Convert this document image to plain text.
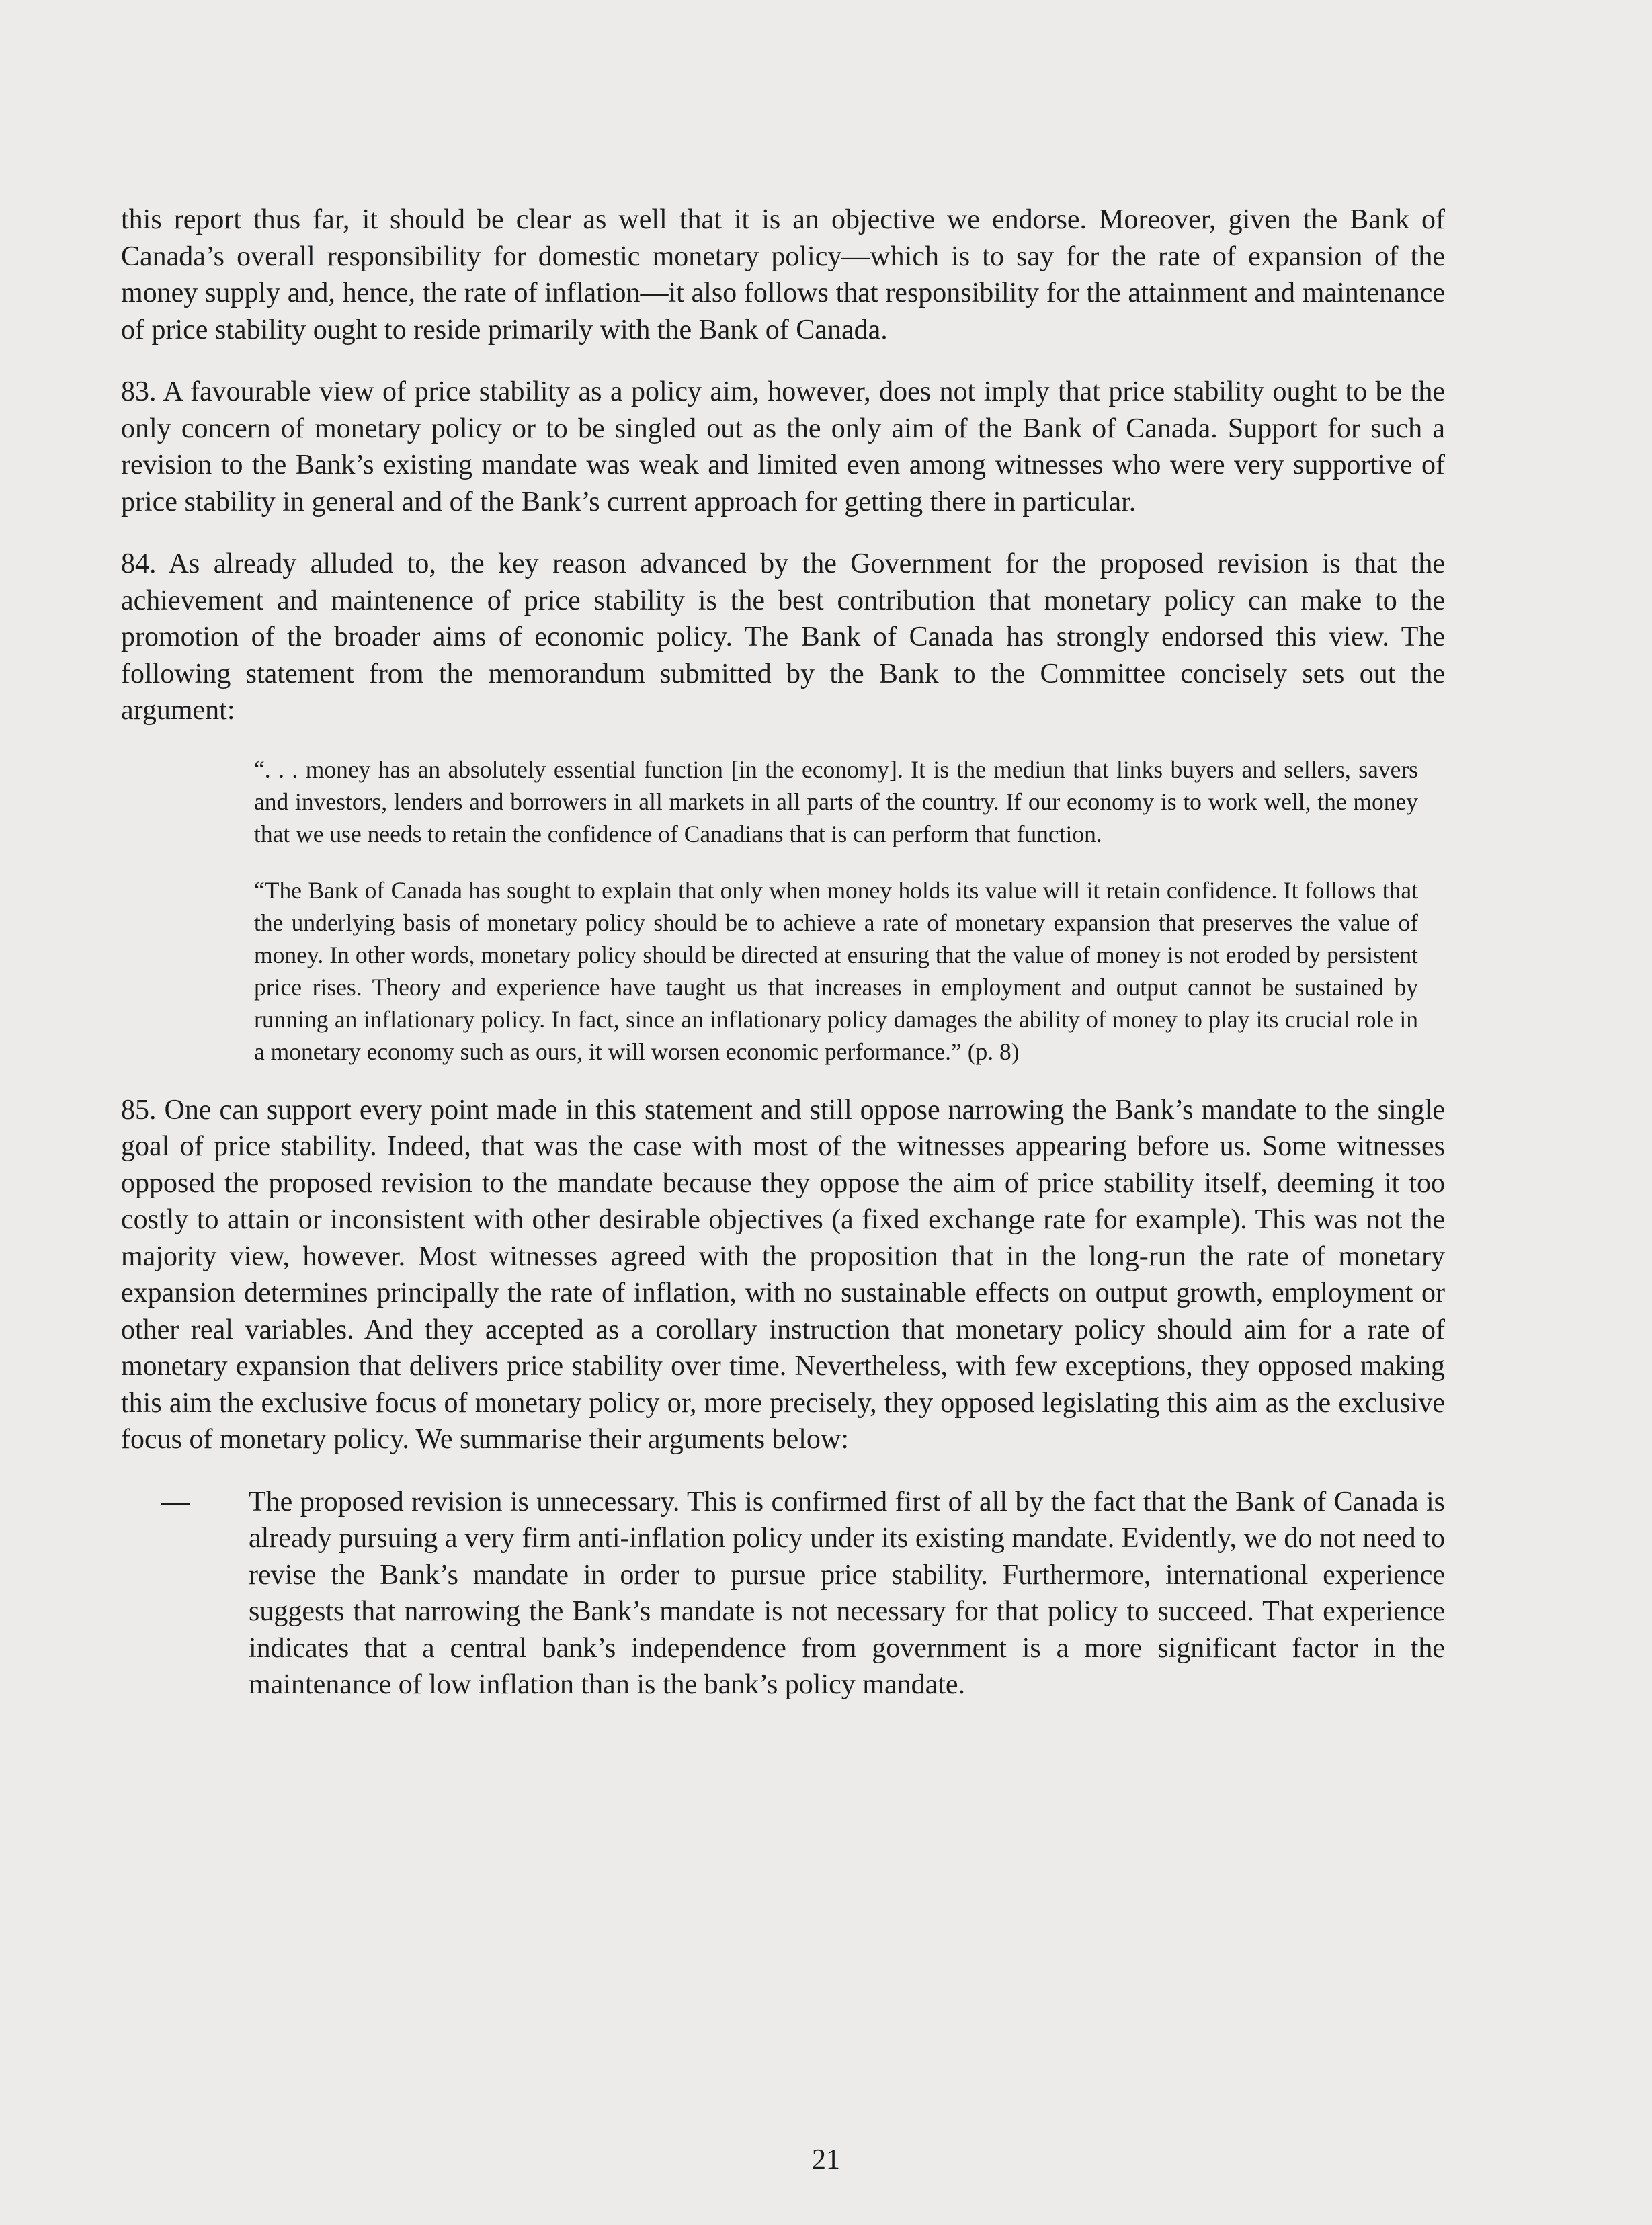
this report thus far, it should be clear as well that it is an objective we endorse. Moreover, given the Bank of Canada’s overall responsibility for domestic monetary policy—which is to say for the rate of expansion of the money supply and, hence, the rate of inflation—it also follows that responsibility for the attainment and maintenance of price stability ought to reside primarily with the Bank of Canada.

83. A favourable view of price stability as a policy aim, however, does not imply that price stability ought to be the only concern of monetary policy or to be singled out as the only aim of the Bank of Canada. Support for such a revision to the Bank’s existing mandate was weak and limited even among witnesses who were very supportive of price stability in general and of the Bank’s current approach for getting there in particular.

84. As already alluded to, the key reason advanced by the Government for the proposed revision is that the achievement and maintenence of price stability is the best contribution that monetary policy can make to the promotion of the broader aims of economic policy. The Bank of Canada has strongly endorsed this view. The following statement from the memorandum submitted by the Bank to the Committee concisely sets out the argument:

“. . . money has an absolutely essential function [in the economy]. It is the mediun that links buyers and sellers, savers and investors, lenders and borrowers in all markets in all parts of the country. If our economy is to work well, the money that we use needs to retain the confidence of Canadians that is can perform that function.

“The Bank of Canada has sought to explain that only when money holds its value will it retain confidence. It follows that the underlying basis of monetary policy should be to achieve a rate of monetary expansion that preserves the value of money. In other words, monetary policy should be directed at ensuring that the value of money is not eroded by persistent price rises. Theory and experience have taught us that increases in employment and output cannot be sustained by running an inflationary policy. In fact, since an inflationary policy damages the ability of money to play its crucial role in a monetary economy such as ours, it will worsen economic performance.” (p. 8)

85. One can support every point made in this statement and still oppose narrowing the Bank’s mandate to the single goal of price stability. Indeed, that was the case with most of the witnesses appearing before us. Some witnesses opposed the proposed revision to the mandate because they oppose the aim of price stability itself, deeming it too costly to attain or inconsistent with other desirable objectives (a fixed exchange rate for example). This was not the majority view, however. Most witnesses agreed with the proposition that in the long-run the rate of monetary expansion determines principally the rate of inflation, with no sustainable effects on output growth, employment or other real variables. And they accepted as a corollary instruction that monetary policy should aim for a rate of monetary expansion that delivers price stability over time. Nevertheless, with few exceptions, they opposed making this aim the exclusive focus of monetary policy or, more precisely, they opposed legislating this aim as the exclusive focus of monetary policy. We summarise their arguments below:

— The proposed revision is unnecessary. This is confirmed first of all by the fact that the Bank of Canada is already pursuing a very firm anti-inflation policy under its existing mandate. Evidently, we do not need to revise the Bank’s mandate in order to pursue price stability. Furthermore, international experience suggests that narrowing the Bank’s mandate is not necessary for that policy to succeed. That experience indicates that a central bank’s independence from government is a more significant factor in the maintenance of low inflation than is the bank’s policy mandate.
21
